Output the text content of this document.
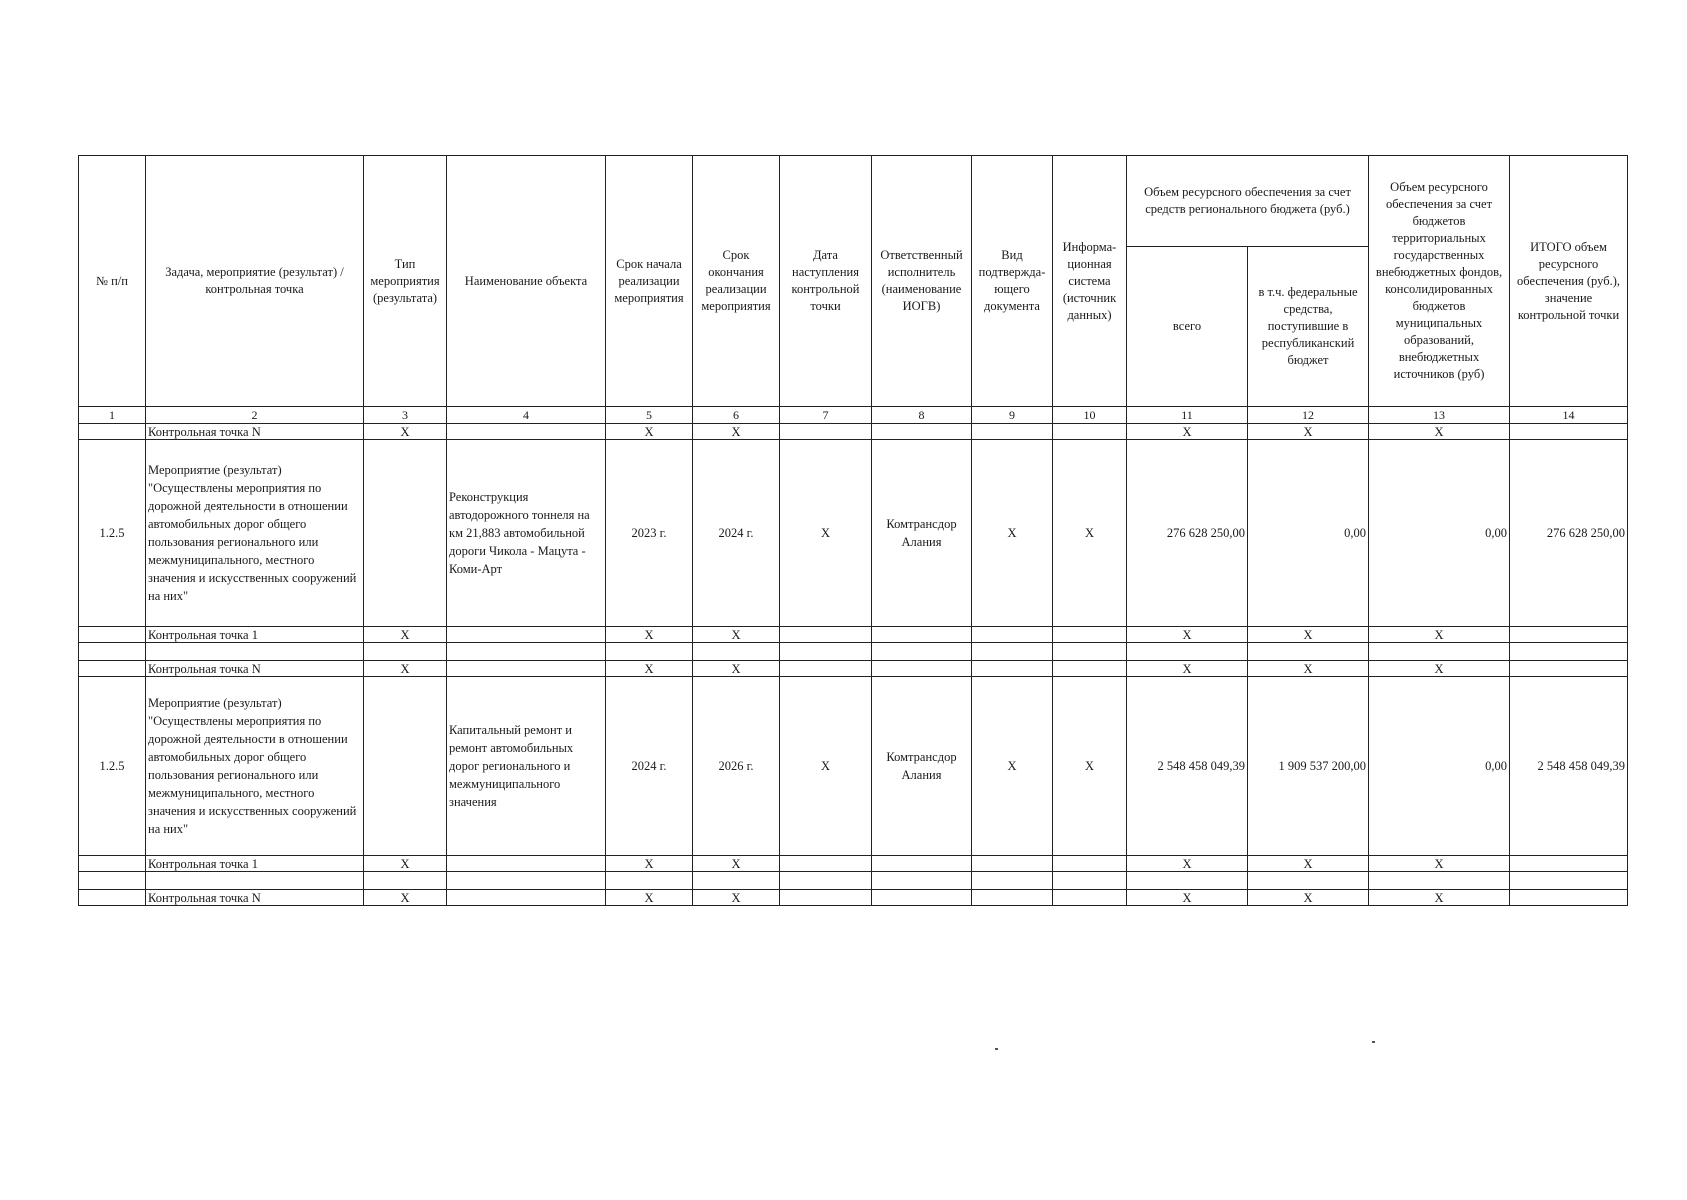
№ п/п	Задача, мероприятие (результат) / контрольная точка	Тип мероприятия (результата)	Наименование объекта	Срок начала реализации мероприятия	Срок окончания реализации мероприятия	Дата наступления контрольной точки	Ответственный исполнитель (наименование ИОГВ)	Вид подтвержда-ющего документа	Информа-ционная система (источник данных)	Объем ресурсного обеспечения за счет средств регионального бюджета (руб.)		Объем ресурсного обеспечения за счет бюджетов территориальных государственных внебюджетных фондов, консолидированных бюджетов муниципальных образований, внебюджетных источников (руб)	ИТОГО объем ресурсного обеспечения (руб.), значение контрольной точки
										всего	в т.ч. федеральные средства, поступившие в республиканский бюджет		
1	2	3	4	5	6	7	8	9	10	11	12	13	14
	Контрольная точка N	X		X	X					X	X	X	
1.2.5	Мероприятие (результат) "Осуществлены мероприятия по дорожной деятельности в отношении автомобильных дорог общего пользования регионального или межмуниципального, местного значения и искусственных сооружений на них"		Реконструкция автодорожного тоннеля на км 21,883 автомобильной дороги Чикола - Мацута - Коми-Арт	2023 г.	2024 г.	X	Комтрансдор Алания	X	X	276 628 250,00	0,00	0,00	276 628 250,00
	Контрольная точка 1	X		X	X					X	X	X	

	Контрольная точка N	X		X	X					X	X	X	
1.2.5	Мероприятие (результат) "Осуществлены мероприятия по дорожной деятельности в отношении автомобильных дорог общего пользования регионального или межмуниципального, местного значения и искусственных сооружений на них"		Капитальный ремонт и ремонт автомобильных дорог регионального и межмуниципального значения	2024 г.	2026 г.	X	Комтрансдор Алания	X	X	2 548 458 049,39	1 909 537 200,00	0,00	2 548 458 049,39
	Контрольная точка 1	X		X	X					X	X	X	

	Контрольная точка N	X		X	X					X	X	X	
